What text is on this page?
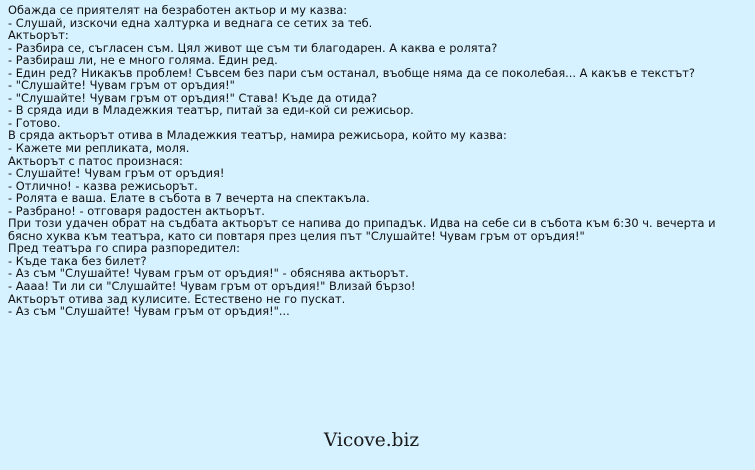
Обажда се приятелят на безработен актьор и му казва:
- Слушай, изскочи една халтурка и веднага се сетих за теб.
Актьорът:
- Разбира се, съгласен съм. Цял живот ще съм ти благодарен. А каква е ролята?
- Разбираш ли, не е много голяма. Един ред.
- Един ред? Никакъв проблем! Съвсем без пари съм останал, въобще няма да се поколебая... А какъв е текстът?
- "Слушайте! Чувам гръм от оръдия!"
- "Слушайте! Чувам гръм от оръдия!" Става! Къде да отида?
- В сряда иди в Младежкия театър, питай за еди-кой си режисьор.
- Готово.
В сряда актьорът отива в Младежкия театър, намира режисьора, който му казва:
- Кажете ми репликата, моля.
Актьорът с патос произнася:
- Слушайте! Чувам гръм от оръдия!
- Отлично! - казва режисьорът.
- Ролята е ваша. Елате в събота в 7 вечерта на спектакъла.
- Разбрано! - отговаря радостен актьорът.
При този удачен обрат на съдбата актьорът се напива до припадък. Идва на себе си в събота към 6:30 ч. вечерта и бясно хуква към театъра, като си повтаря през целия път "Слушайте! Чувам гръм от оръдия!"
Пред театъра го спира разпоредител:
- Къде така без билет?
- Аз съм "Слушайте! Чувам гръм от оръдия!" - обяснява актьорът.
- Аааа! Ти ли си "Слушайте! Чувам гръм от оръдия!" Влизай бързо!
Актьорът отива зад кулисите. Естествено не го пускат.
- Аз съм "Слушайте! Чувам гръм от оръдия!"...
Vicove.biz
